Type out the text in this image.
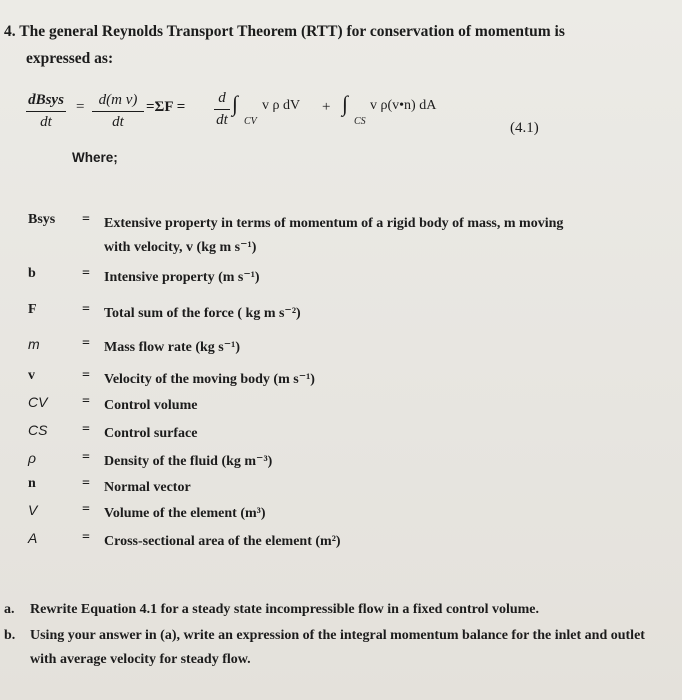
4. The general Reynolds Transport Theorem (RTT) for conservation of momentum is
expressed as:
dBsys
dt
= $\frac{\text{d(m v)}}{dt} =\Sigma F = \frac{d}{dt}$ ∫
CV
v ρ dV + ∫
CS
v ρ(v•n) dA
(4.1)
Where;
Bsys	= Extensive property in terms of momentum of a rigid body of mass, m moving with velocity, v (kg m s⁻¹)
b	= Intensive property (m s⁻¹)
F	= Total sum of the force ( kg m s⁻²)
m	= Mass flow rate (kg s⁻¹)
v	= Velocity of the moving body (m s⁻¹)
CV	= Control volume
CS	= Control surface
ρ	= Density of the fluid (kg m⁻³)
n	= Normal vector
V	= Volume of the element (m³)
A	= Cross-sectional area of the element (m²)
a. Rewrite Equation 4.1 for a steady state incompressible flow in a fixed control volume.
b. Using your answer in (a), write an expression of the integral momentum balance for the inlet and outlet with average velocity for steady flow.
